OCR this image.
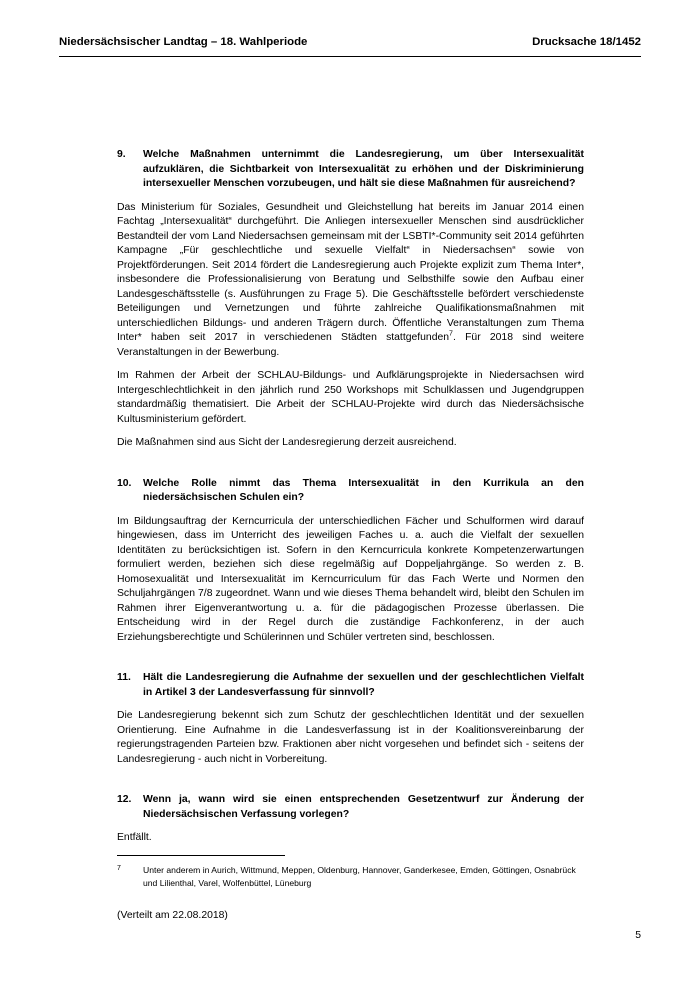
Niedersächsischer Landtag – 18. Wahlperiode	Drucksache 18/1452
9.	Welche Maßnahmen unternimmt die Landesregierung, um über Intersexualität aufzuklären, die Sichtbarkeit von Intersexualität zu erhöhen und der Diskriminierung intersexueller Menschen vorzubeugen, und hält sie diese Maßnahmen für ausreichend?

Das Ministerium für Soziales, Gesundheit und Gleichstellung hat bereits im Januar 2014 einen Fachtag „Intersexualität“ durchgeführt. Die Anliegen intersexueller Menschen sind ausdrücklicher Bestandteil der vom Land Niedersachsen gemeinsam mit der LSBTI*-Community seit 2014 geführten Kampagne „Für geschlechtliche und sexuelle Vielfalt“ in Niedersachsen“ sowie von Projektförderungen. Seit 2014 fördert die Landesregierung auch Projekte explizit zum Thema Inter*, insbesondere die Professionalisierung von Beratung und Selbsthilfe sowie den Aufbau einer Landesgeschäftsstelle (s. Ausführungen zu Frage 5). Die Geschäftsstelle befördert verschiedenste Beteiligungen und Vernetzungen und führte zahlreiche Qualifikationsmaßnahmen mit unterschiedlichen Bildungs- und anderen Trägern durch. Öffentliche Veranstaltungen zum Thema Inter* haben seit 2017 in verschiedenen Städten stattgefunden$^7$. Für 2018 sind weitere Veranstaltungen in der Bewerbung.

Im Rahmen der Arbeit der SCHLAU-Bildungs- und Aufklärungsprojekte in Niedersachsen wird Intergeschlechtlichkeit in den jährlich rund 250 Workshops mit Schulklassen und Jugendgruppen standardmäßig thematisiert. Die Arbeit der SCHLAU-Projekte wird durch das Niedersächsische Kultusministerium gefördert.

Die Maßnahmen sind aus Sicht der Landesregierung derzeit ausreichend.

10.	Welche Rolle nimmt das Thema Intersexualität in den Kurrikula an den niedersächsischen Schulen ein?

Im Bildungsauftrag der Kerncurricula der unterschiedlichen Fächer und Schulformen wird darauf hingewiesen, dass im Unterricht des jeweiligen Faches u. a. auch die Vielfalt der sexuellen Identitäten zu berücksichtigen ist. Sofern in den Kerncurricula konkrete Kompetenzerwartungen formuliert werden, beziehen sich diese regelmäßig auf Doppeljahrgänge. So werden z. B. Homosexualität und Intersexualität im Kerncurriculum für das Fach Werte und Normen den Schuljahrgängen 7/8 zugeordnet. Wann und wie dieses Thema behandelt wird, bleibt den Schulen im Rahmen ihrer Eigenverantwortung u. a. für die pädagogischen Prozesse überlassen. Die Entscheidung wird in der Regel durch die zuständige Fachkonferenz, in der auch Erziehungsberechtigte und Schülerinnen und Schüler vertreten sind, beschlossen.

11.	Hält die Landesregierung die Aufnahme der sexuellen und der geschlechtlichen Vielfalt in Artikel 3 der Landesverfassung für sinnvoll?

Die Landesregierung bekennt sich zum Schutz der geschlechtlichen Identität und der sexuellen Orientierung. Eine Aufnahme in die Landesverfassung ist in der Koalitionsvereinbarung der regierungstragenden Parteien bzw. Fraktionen aber nicht vorgesehen und befindet sich - seitens der Landesregierung - auch nicht in Vorbereitung.

12.	Wenn ja, wann wird sie einen entsprechenden Gesetzentwurf zur Änderung der Niedersächsischen Verfassung vorlegen?

Entfällt.

7	Unter anderem in Aurich, Wittmund, Meppen, Oldenburg, Hannover, Ganderkesee, Emden, Göttingen, Osnabrück und Lilienthal, Varel, Wolfenbüttel, Lüneburg
(Verteilt am 22.08.2018)
5
